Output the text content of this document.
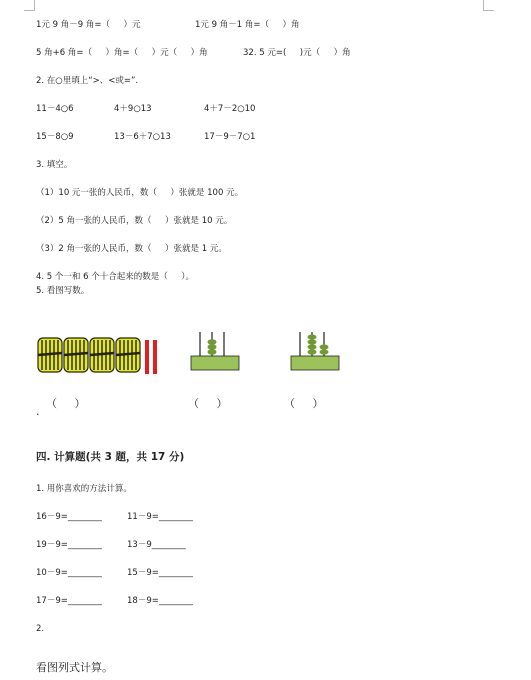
1元 9 角－9 角=（     ）元	1元 9 角－1 角=（     ）角
5 角+6 角=（     ）角=（     ）元（     ）角	32. 5 元=(     )元（     ）角
2. 在○里填上“>、<或=”.
11－4○6	4＋9○13	4＋7－2○10
15－8○9	13－6＋7○13	17－9－7○1
3. 填空。
（1）10 元一张的人民币，数（     ）张就是 100 元。
（2）5 角一张的人民币，数（     ）张就是 10 元。
（3）2 角一张的人民币，数（     ）张就是 1 元。
4. 5 个一和 6 个十合起来的数是（     ）。
5. 看图写数。
.
（     ）	（     ）	（     ）
四. 计算题(共 3 题，共 17 分)
1. 用你喜欢的方法计算。
16－9=________	11－9=________
19－9=________	13－9________
10－9=________	15－9=________
17－9=________	18－9=________
2.
看图列式计算。
